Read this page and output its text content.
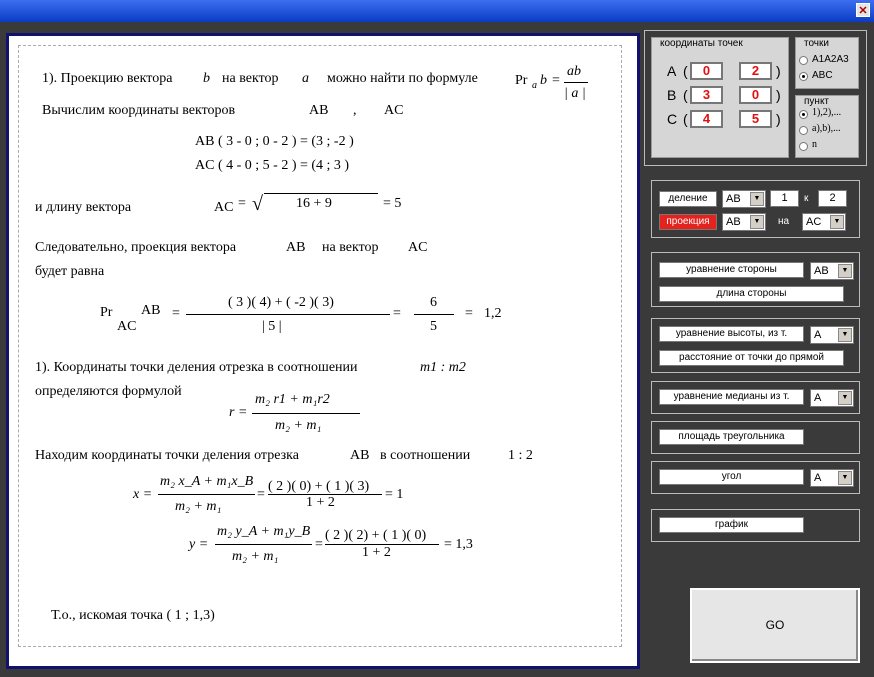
✕
1). Проекцию вектора b на вектор a можно найти по формуле	Pr a b =
ab
| a |
Вычислим координаты векторов	AB , AC
AB ( 3 - 0 ; 0 - 2 ) = (3 ; -2 )
AC ( 4 - 0 ; 5 - 2 ) = (4 ; 3 )
и длину вектора	AC = √ 16 + 9	= 5
Следовательно, проекция вектора	AB на вектор AC
будет равна
Pr
AC
AB =
( 3 )( 4) + ( -2 )( 3)
| 5 |
=
6
5
= 1,2
1). Координаты точки деления отрезка в соотношении	m1 : m2
определяются формулой
r =
m₂ r1 + m₁r2
m₂ + m₁
Находим координаты точки деления отрезка	AB в соотношении	1 : 2
x =
m₂ x_A + m₁x_B
m₂ + m₁
=
( 2 )( 0) + ( 1 )( 3)
1 + 2
= 1
y =
m₂ y_A + m₁y_B
m₂ + m₁
=
( 2 )( 2) + ( 1 )( 0)
1 + 2
= 1,3
Т.о., искомая точка ( 1 ; 1,3)
координаты точек
A (	0	2	)
B (	3	0	)
C (	4	5	)
точки
A1A2A3
ABC
пункт
1),2),...
a),b),...
n
деление	AB	▼	1	к	2
проекция	AB	▼	на AC	▼
уравнение стороны	AB	▼
длина стороны
уравнение высоты, из т.	A	▼
расстояние от точки до прямой
уравнение медианы из т.	A	▼
площадь треугольника
угол	A	▼
график
GO
